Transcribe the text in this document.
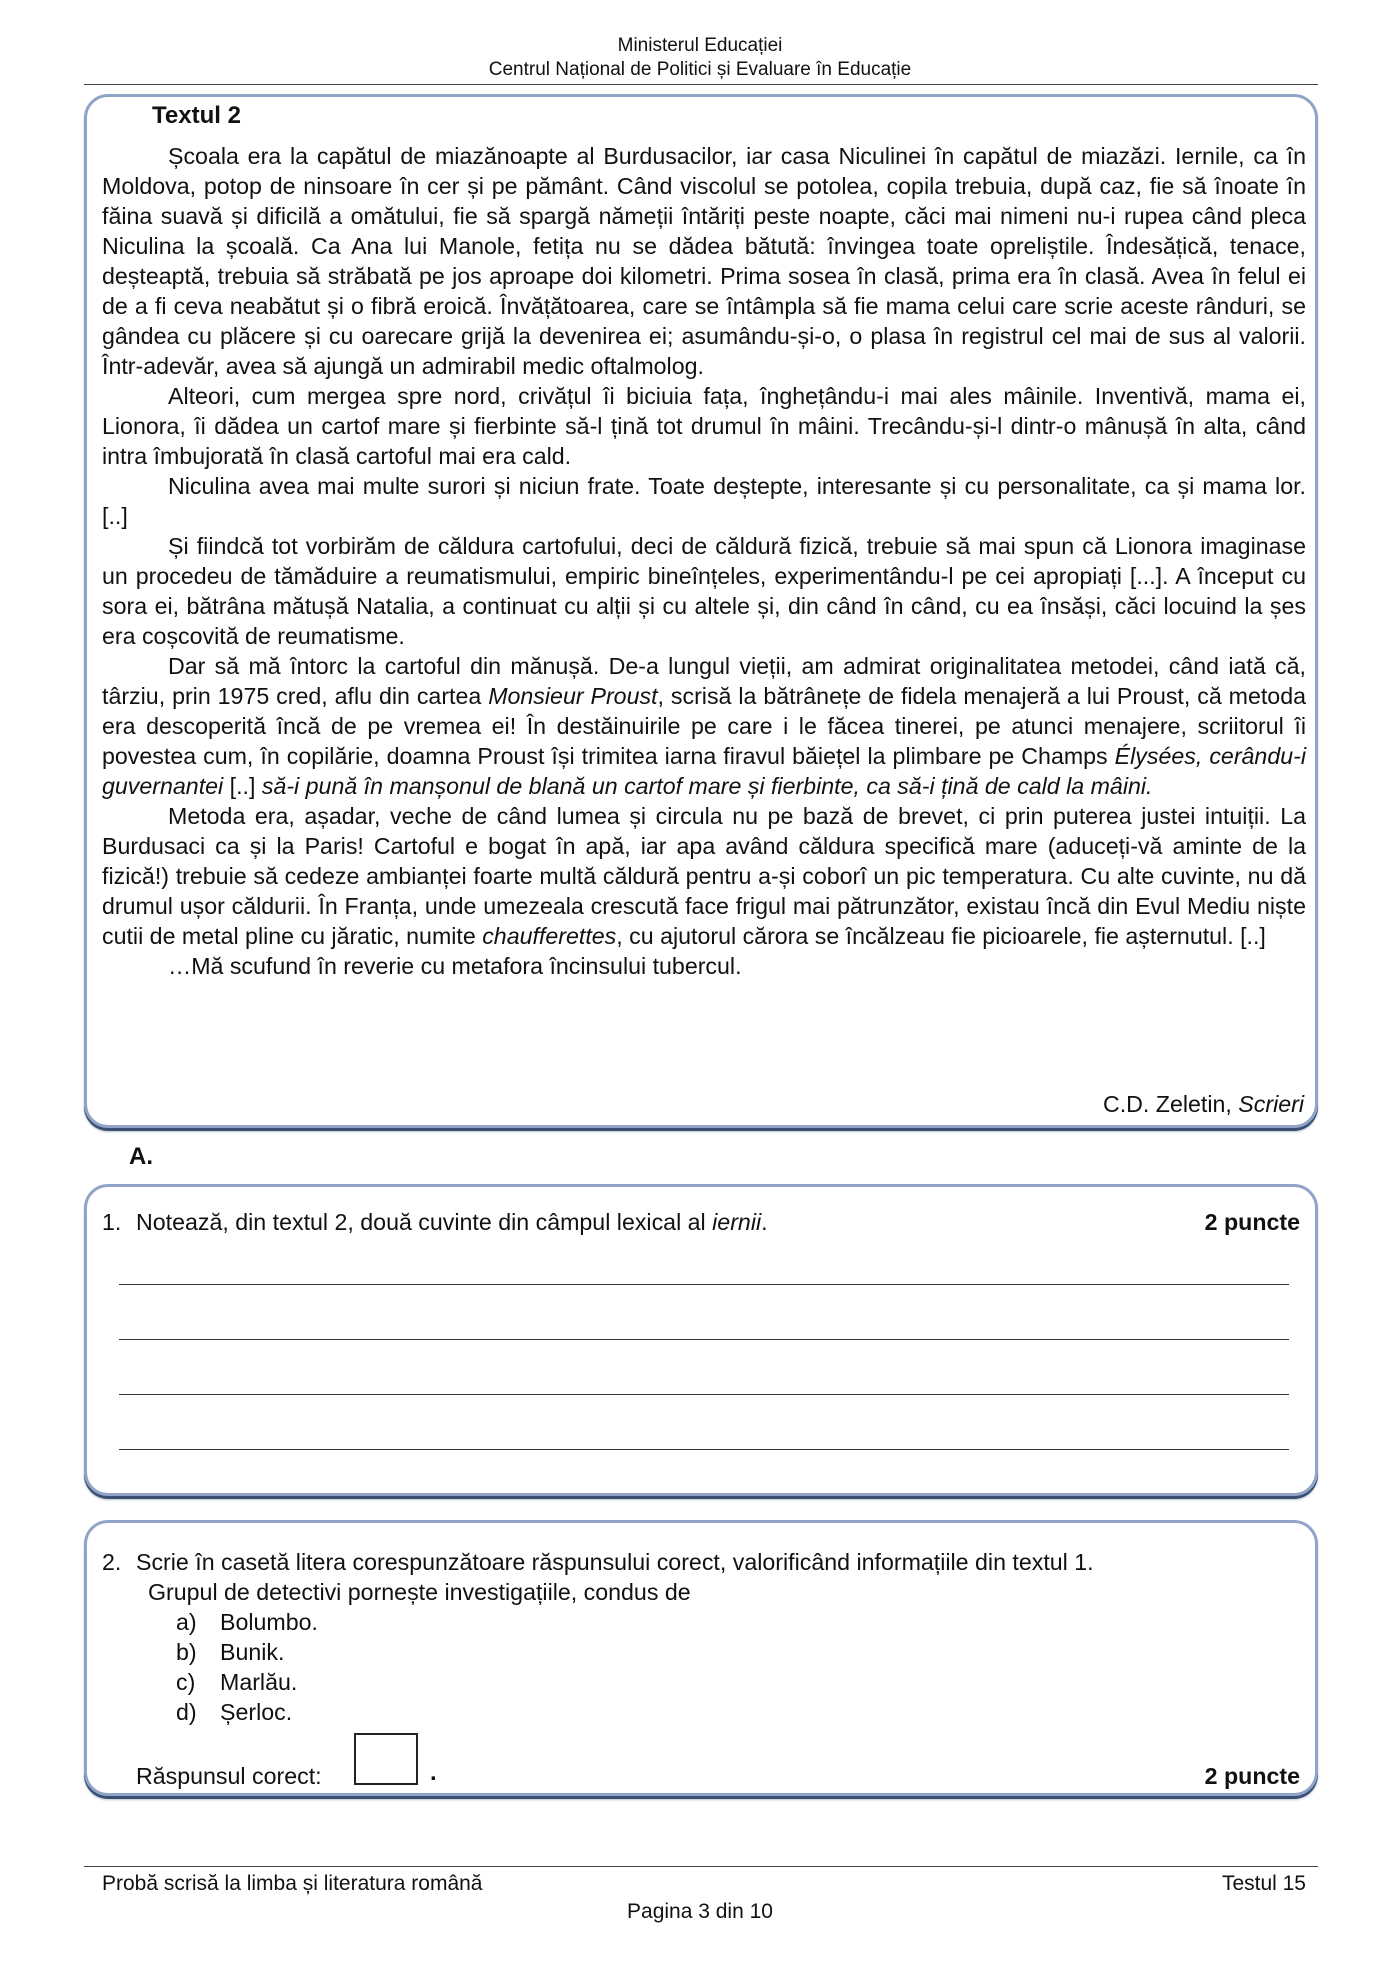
Ministerul Educației
Centrul Național de Politici și Evaluare în Educație
Textul 2

Școala era la capătul de miazănoapte al Burdusacilor, iar casa Niculinei în capătul de miazăzi. Iernile, ca în Moldova, potop de ninsoare în cer și pe pământ. Când viscolul se potolea, copila trebuia, după caz, fie să înoate în făina suavă și dificilă a omătului, fie să spargă nămeții întăriți peste noapte, căci mai nimeni nu-i rupea când pleca Niculina la școală. Ca Ana lui Manole, fetița nu se dădea bătută: învingea toate opreliștile. Îndesățică, tenace, deșteaptă, trebuia să străbată pe jos aproape doi kilometri. Prima sosea în clasă, prima era în clasă. Avea în felul ei de a fi ceva neabătut și o fibră eroică. Învățătoarea, care se întâmpla să fie mama celui care scrie aceste rânduri, se gândea cu plăcere și cu oarecare grijă la devenirea ei; asumându-și-o, o plasa în registrul cel mai de sus al valorii. Într-adevăr, avea să ajungă un admirabil medic oftalmolog.

Alteori, cum mergea spre nord, crivățul îi biciuia fața, înghețându-i mai ales mâinile. Inventivă, mama ei, Lionora, îi dădea un cartof mare și fierbinte să-l țină tot drumul în mâini. Trecându-și-l dintr-o mânușă în alta, când intra îmbujorată în clasă cartoful mai era cald.

Niculina avea mai multe surori și niciun frate. Toate deștepte, interesante și cu personalitate, ca și mama lor. [..]

Și fiindcă tot vorbirăm de căldura cartofului, deci de căldură fizică, trebuie să mai spun că Lionora imaginase un procedeu de tămăduire a reumatismului, empiric bineînțeles, experimentându-l pe cei apropiați [...]. A început cu sora ei, bătrâna mătușă Natalia, a continuat cu alții și cu altele și, din când în când, cu ea însăși, căci locuind la șes era coșcovită de reumatisme.

Dar să mă întorc la cartoful din mănușă. De-a lungul vieții, am admirat originalitatea metodei, când iată că, târziu, prin 1975 cred, aflu din cartea Monsieur Proust, scrisă la bătrânețe de fidela menajeră a lui Proust, că metoda era descoperită încă de pe vremea ei! În destăinuirile pe care i le făcea tinerei, pe atunci menajere, scriitorul îi povestea cum, în copilărie, doamna Proust își trimitea iarna firavul băiețel la plimbare pe Champs Élysées, cerându-i guvernantei [..] să-i pună în manșonul de blană un cartof mare și fierbinte, ca să-i țină de cald la mâini.

Metoda era, așadar, veche de când lumea și circula nu pe bază de brevet, ci prin puterea justei intuiții. La Burdusaci ca și la Paris! Cartoful e bogat în apă, iar apa având căldura specifică mare (aduceți-vă aminte de la fizică!) trebuie să cedeze ambianței foarte multă căldură pentru a-și coborî un pic temperatura. Cu alte cuvinte, nu dă drumul ușor căldurii. În Franța, unde umezeala crescută face frigul mai pătrunzător, existau încă din Evul Mediu niște cutii de metal pline cu jăratic, numite chaufferettes, cu ajutorul cărora se încălzeau fie picioarele, fie așternutul. [..]

…Mă scufund în reverie cu metafora încinsului tubercul.

C.D. Zeletin, Scrieri
A.
1. Notează, din textul 2, două cuvinte din câmpul lexical al iernii.	2 puncte
2. Scrie în casetă litera corespunzătoare răspunsului corect, valorificând informațiile din textul 1.
Grupul de detectivi pornește investigațiile, condus de
a) Bolumbo.
b) Bunik.
c) Marlău.
d) Șerloc.
Răspunsul corect:	.	2 puncte
Probă scrisă la limba și literatura română	Testul 15
Pagina 3 din 10
